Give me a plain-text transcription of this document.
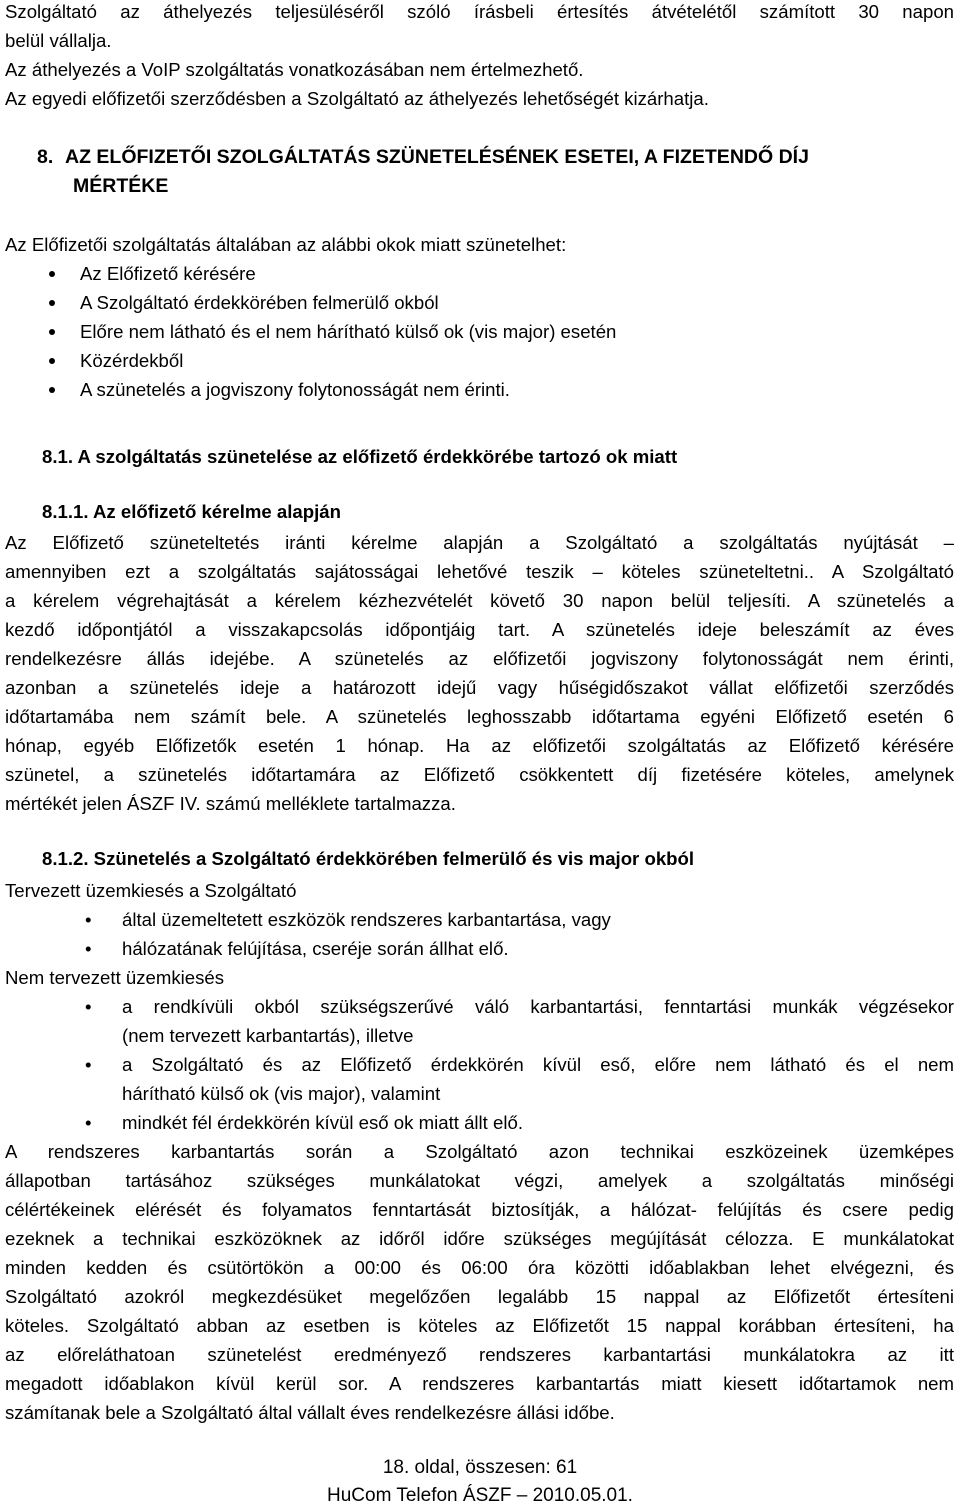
Szolgáltató az áthelyezés teljesüléséről szóló írásbeli értesítés átvételétől számított 30 napon
belül vállalja.
Az áthelyezés a VoIP szolgáltatás vonatkozásában nem értelmezhető.
Az egyedi előfizetői szerződésben a Szolgáltató az áthelyezés lehetőségét kizárhatja.
8. AZ ELŐFIZETŐI SZOLGÁLTATÁS SZÜNETELÉSÉNEK ESETEI, A FIZETENDŐ DÍJ
MÉRTÉKE
Az Előfizetői szolgáltatás általában az alábbi okok miatt szünetelhet:
Az Előfizető kérésére
A Szolgáltató érdekkörében felmerülő okból
Előre nem látható és el nem hárítható külső ok (vis major) esetén
Közérdekből
A szünetelés a jogviszony folytonosságát nem érinti.
8.1. A szolgáltatás szünetelése az előfizető érdekkörébe tartozó ok miatt
8.1.1. Az előfizető kérelme alapján
Az Előfizető szüneteltetés iránti kérelme alapján a Szolgáltató a szolgáltatás nyújtását –
amennyiben ezt a szolgáltatás sajátosságai lehetővé teszik – köteles szüneteltetni.. A Szolgáltató
a kérelem végrehajtását a kérelem kézhezvételét követő 30 napon belül teljesíti. A szünetelés a
kezdő időpontjától a visszakapcsolás időpontjáig tart. A szünetelés ideje beleszámít az éves
rendelkezésre állás idejébe. A szünetelés az előfizetői jogviszony folytonosságát nem érinti,
azonban a szünetelés ideje a határozott idejű vagy hűségidőszakot vállat előfizetői szerződés
időtartamába nem számít bele. A szünetelés leghosszabb időtartama egyéni Előfizető esetén 6
hónap, egyéb Előfizetők esetén 1 hónap. Ha az előfizetői szolgáltatás az Előfizető kérésére
szünetel, a szünetelés időtartamára az Előfizető csökkentett díj fizetésére köteles, amelynek
mértékét jelen ÁSZF IV. számú melléklete tartalmazza.
8.1.2. Szünetelés a Szolgáltató érdekkörében felmerülő és vis major okból
Tervezett üzemkiesés a Szolgáltató
• által üzemeltetett eszközök rendszeres karbantartása, vagy
• hálózatának felújítása, cseréje során állhat elő.
Nem tervezett üzemkiesés
• a rendkívüli okból szükségszerűvé váló karbantartási, fenntartási munkák végzésekor
(nem tervezett karbantartás), illetve
• a Szolgáltató és az Előfizető érdekkörén kívül eső, előre nem látható és el nem
hárítható külső ok (vis major), valamint
• mindkét fél érdekkörén kívül eső ok miatt állt elő.
A rendszeres karbantartás során a Szolgáltató azon technikai eszközeinek üzemképes
állapotban tartásához szükséges munkálatokat végzi, amelyek a szolgáltatás minőségi
célértékeinek elérését és folyamatos fenntartását biztosítják, a hálózat- felújítás és csere pedig
ezeknek a technikai eszközöknek az időről időre szükséges megújítását célozza. E munkálatokat
minden kedden és csütörtökön a 00:00 és 06:00 óra közötti időablakban lehet elvégezni, és
Szolgáltató azokról megkezdésüket megelőzően legalább 15 nappal az Előfizetőt értesíteni
köteles. Szolgáltató abban az esetben is köteles az Előfizetőt 15 nappal korábban értesíteni, ha
az előreláthatoan szünetelést eredményező rendszeres karbantartási munkálatokra az itt
megadott időablakon kívül kerül sor. A rendszeres karbantartás miatt kiesett időtartamok nem
számítanak bele a Szolgáltató által vállalt éves rendelkezésre állási időbe.
18. oldal, összesen: 61
HuCom Telefon ÁSZF – 2010.05.01.
